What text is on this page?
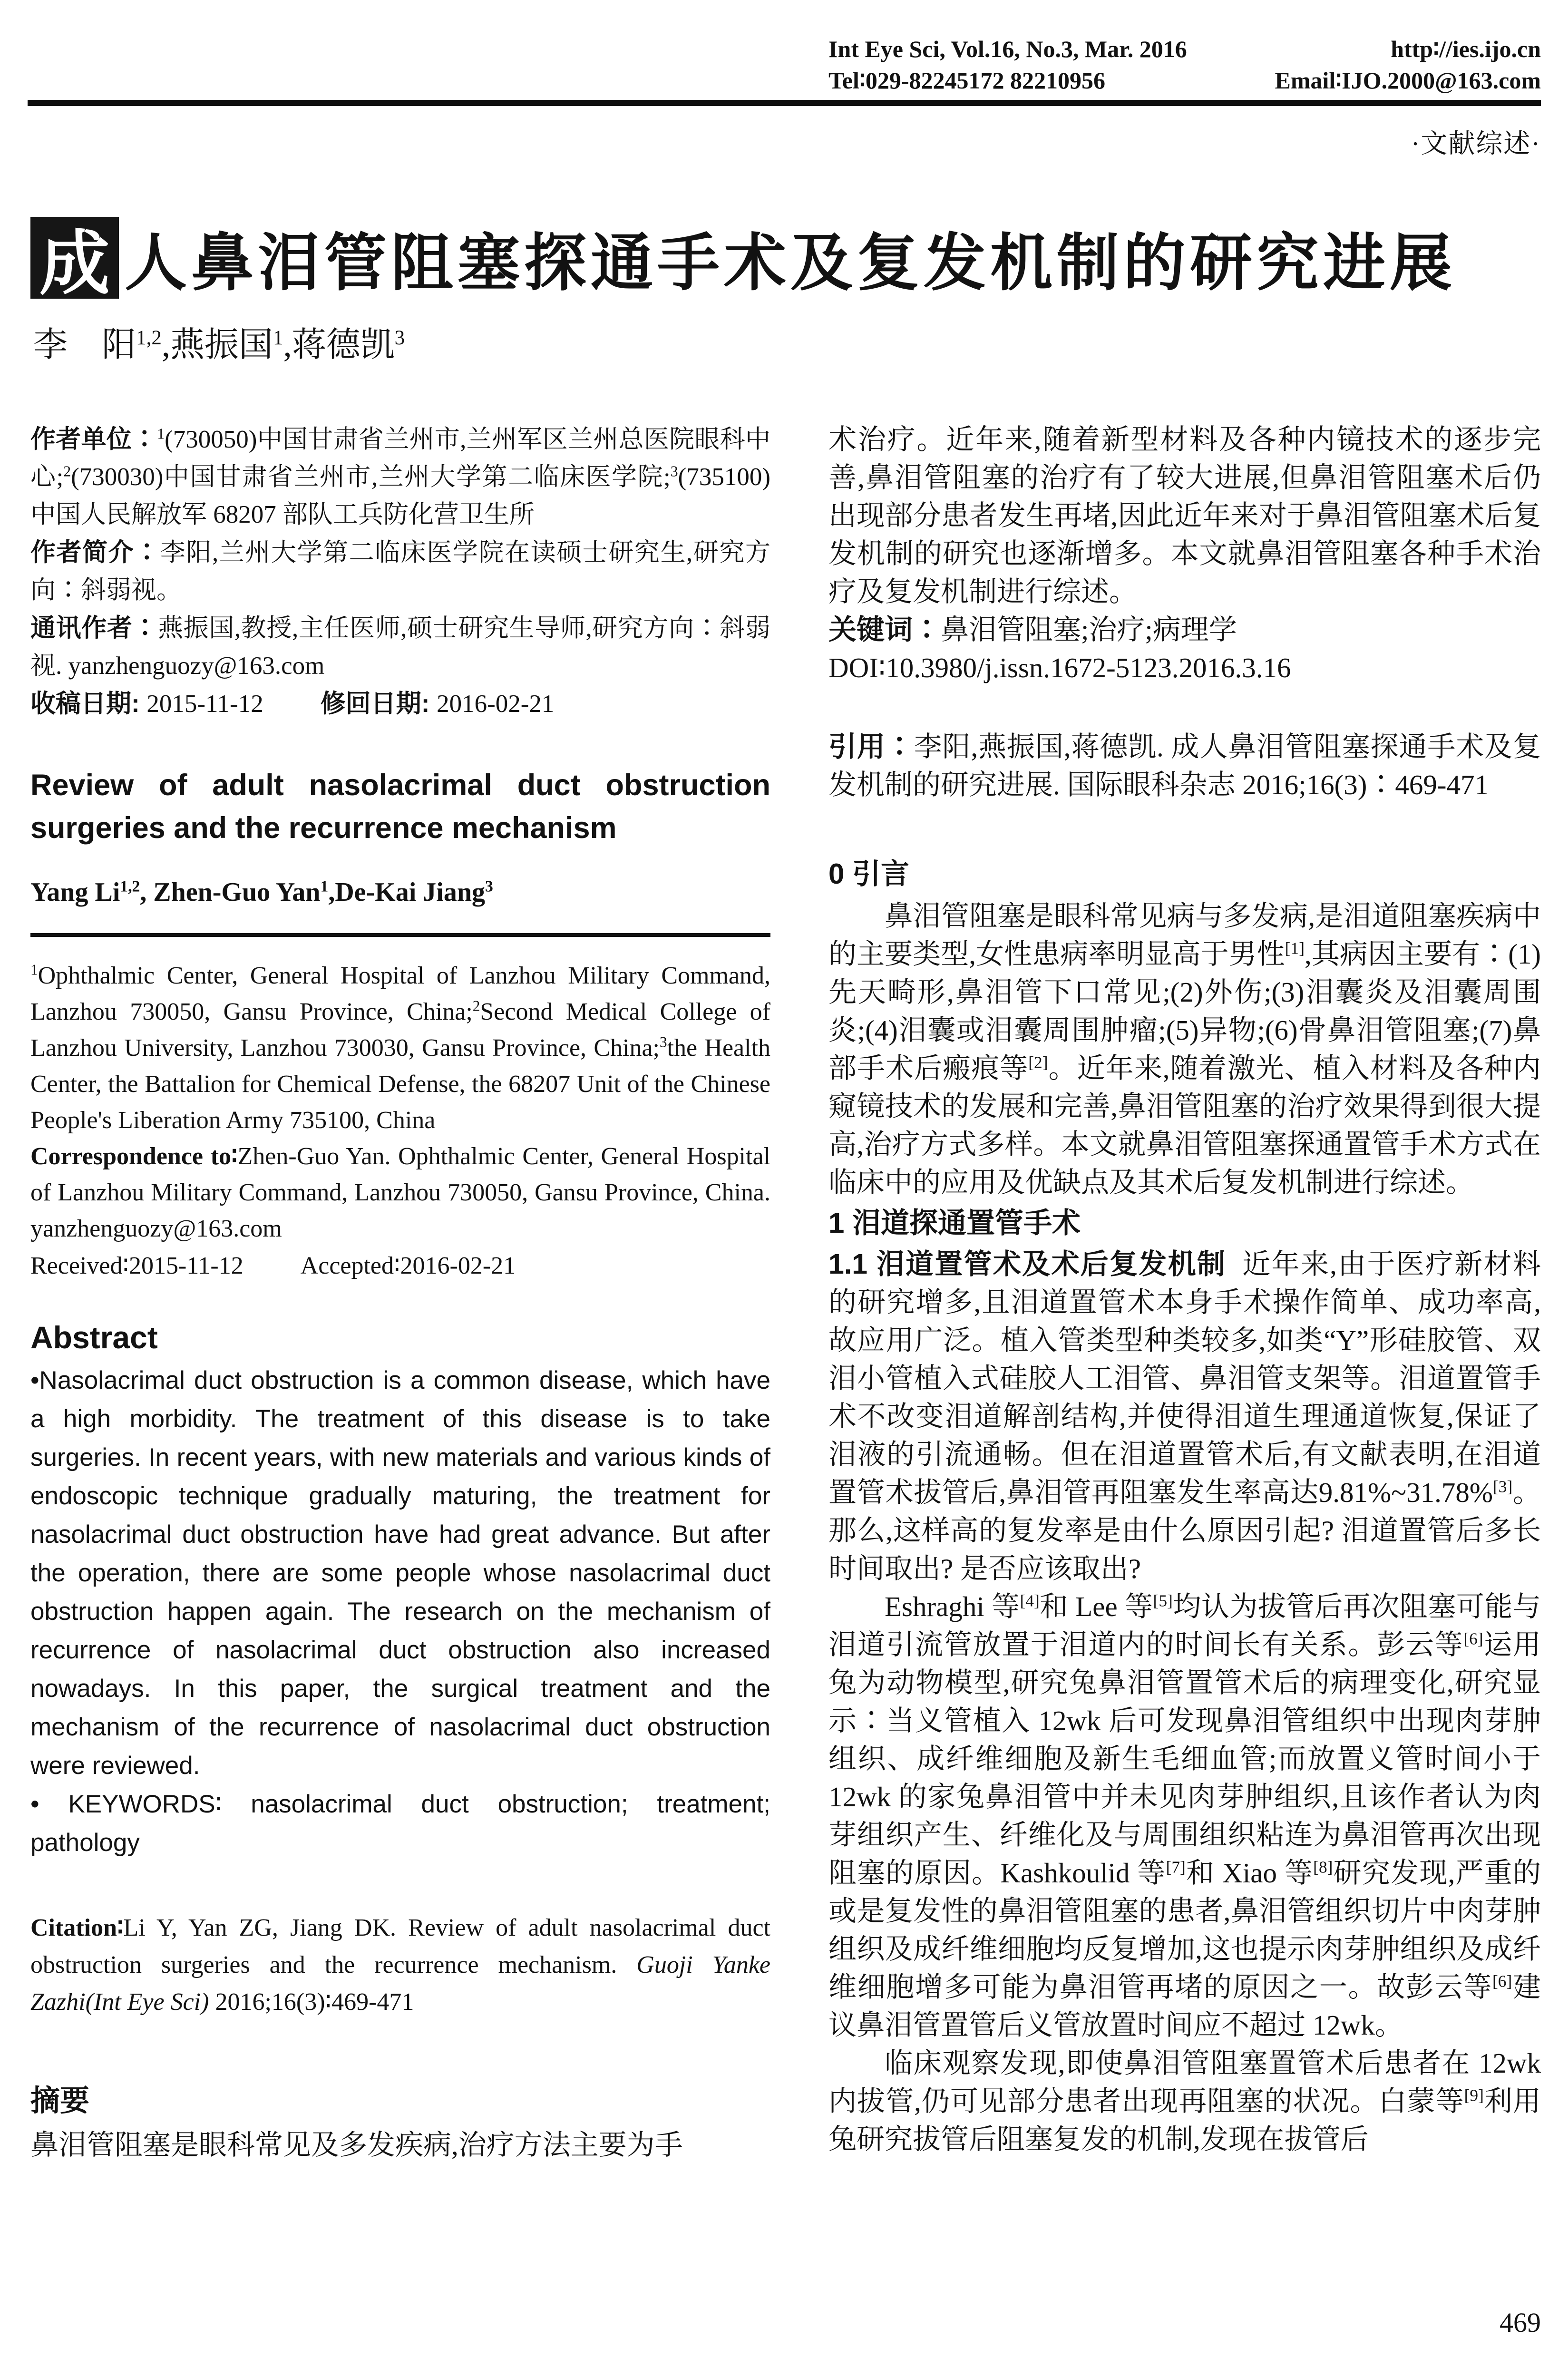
Int Eye Sci, Vol.16, No.3, Mar. 2016	http∶//ies.ijo.cn
Tel∶029-82245172 82210956	Email∶IJO.2000@163.com
·文献综述·
成 人鼻泪管阻塞探通手术及复发机制的研究进展

李　阳$^{1,2}$,燕振国$^1$,蒋德凯$^3$

作者单位∶$^1$(730050)中国甘肃省兰州市,兰州军区兰州总医院眼科中心;$^2$(730030)中国甘肃省兰州市,兰州大学第二临床医学院;$^3$(735100)中国人民解放军 68207 部队工兵防化营卫生所

作者简介∶李阳,兰州大学第二临床医学院在读硕士研究生,研究方向∶斜弱视。

通讯作者∶燕振国,教授,主任医师,硕士研究生导师,研究方向∶斜弱视. yanzhenguozy@163.com

收稿日期: 2015-11-12 修回日期: 2016-02-21

Review of adult nasolacrimal duct obstruction surgeries and the recurrence mechanism

Yang Li$^{1,2}$, Zhen-Guo Yan$^1$,De-Kai Jiang$^3$

$^1$Ophthalmic Center, General Hospital of Lanzhou Military Command, Lanzhou 730050, Gansu Province, China;$^2$Second Medical College of Lanzhou University, Lanzhou 730030, Gansu Province, China;$^3$the Health Center, the Battalion for Chemical Defense, the 68207 Unit of the Chinese People's Liberation Army 735100, China

Correspondence to∶Zhen-Guo Yan. Ophthalmic Center, General Hospital of Lanzhou Military Command, Lanzhou 730050, Gansu Province, China. yanzhenguozy@163.com

Received∶2015-11-12 Accepted∶2016-02-21

Abstract

•Nasolacrimal duct obstruction is a common disease, which have a high morbidity. The treatment of this disease is to take surgeries. In recent years, with new materials and various kinds of endoscopic technique gradually maturing, the treatment for nasolacrimal duct obstruction have had great advance. But after the operation, there are some people whose nasolacrimal duct obstruction happen again. The research on the mechanism of recurrence of nasolacrimal duct obstruction also increased nowadays. In this paper, the surgical treatment and the mechanism of the recurrence of nasolacrimal duct obstruction were reviewed.

• KEYWORDS∶ nasolacrimal duct obstruction; treatment; pathology

Citation∶Li Y, Yan ZG, Jiang DK. Review of adult nasolacrimal duct obstruction surgeries and the recurrence mechanism. Guoji Yanke Zazhi(Int Eye Sci) 2016;16(3)∶469-471

摘要

鼻泪管阻塞是眼科常见及多发疾病,治疗方法主要为手

术治疗。近年来,随着新型材料及各种内镜技术的逐步完善,鼻泪管阻塞的治疗有了较大进展,但鼻泪管阻塞术后仍出现部分患者发生再堵,因此近年来对于鼻泪管阻塞术后复发机制的研究也逐渐增多。本文就鼻泪管阻塞各种手术治疗及复发机制进行综述。

关键词∶鼻泪管阻塞;治疗;病理学

DOI∶10.3980/j.issn.1672-5123.2016.3.16

引用∶李阳,燕振国,蒋德凯. 成人鼻泪管阻塞探通手术及复发机制的研究进展. 国际眼科杂志 2016;16(3)∶469-471

0 引言

鼻泪管阻塞是眼科常见病与多发病,是泪道阻塞疾病中的主要类型,女性患病率明显高于男性[1],其病因主要有∶(1)先天畸形,鼻泪管下口常见;(2)外伤;(3)泪囊炎及泪囊周围炎;(4)泪囊或泪囊周围肿瘤;(5)异物;(6)骨鼻泪管阻塞;(7)鼻部手术后瘢痕等[2]。近年来,随着激光、植入材料及各种内窥镜技术的发展和完善,鼻泪管阻塞的治疗效果得到很大提高,治疗方式多样。本文就鼻泪管阻塞探通置管手术方式在临床中的应用及优缺点及其术后复发机制进行综述。

1 泪道探通置管手术

1.1 泪道置管术及术后复发机制 近年来,由于医疗新材料的研究增多,且泪道置管术本身手术操作简单、成功率高,故应用广泛。植入管类型种类较多,如类“Y”形硅胶管、双泪小管植入式硅胶人工泪管、鼻泪管支架等。泪道置管手术不改变泪道解剖结构,并使得泪道生理通道恢复,保证了泪液的引流通畅。但在泪道置管术后,有文献表明,在泪道置管术拔管后,鼻泪管再阻塞发生率高达9.81%~31.78%[3]。那么,这样高的复发率是由什么原因引起? 泪道置管后多长时间取出? 是否应该取出?

Eshraghi 等[4]和 Lee 等[5]均认为拔管后再次阻塞可能与泪道引流管放置于泪道内的时间长有关系。彭云等[6]运用兔为动物模型,研究兔鼻泪管置管术后的病理变化,研究显示∶当义管植入 12wk 后可发现鼻泪管组织中出现肉芽肿组织、成纤维细胞及新生毛细血管;而放置义管时间小于 12wk 的家兔鼻泪管中并未见肉芽肿组织,且该作者认为肉芽组织产生、纤维化及与周围组织粘连为鼻泪管再次出现阻塞的原因。Kashkoulid 等[7]和 Xiao 等[8]研究发现,严重的或是复发性的鼻泪管阻塞的患者,鼻泪管组织切片中肉芽肿组织及成纤维细胞均反复增加,这也提示肉芽肿组织及成纤维细胞增多可能为鼻泪管再堵的原因之一。故彭云等[6]建议鼻泪管置管后义管放置时间应不超过 12wk。

临床观察发现,即使鼻泪管阻塞置管术后患者在 12wk 内拔管,仍可见部分患者出现再阻塞的状况。白蒙等[9]利用兔研究拔管后阻塞复发的机制,发现在拔管后

469
